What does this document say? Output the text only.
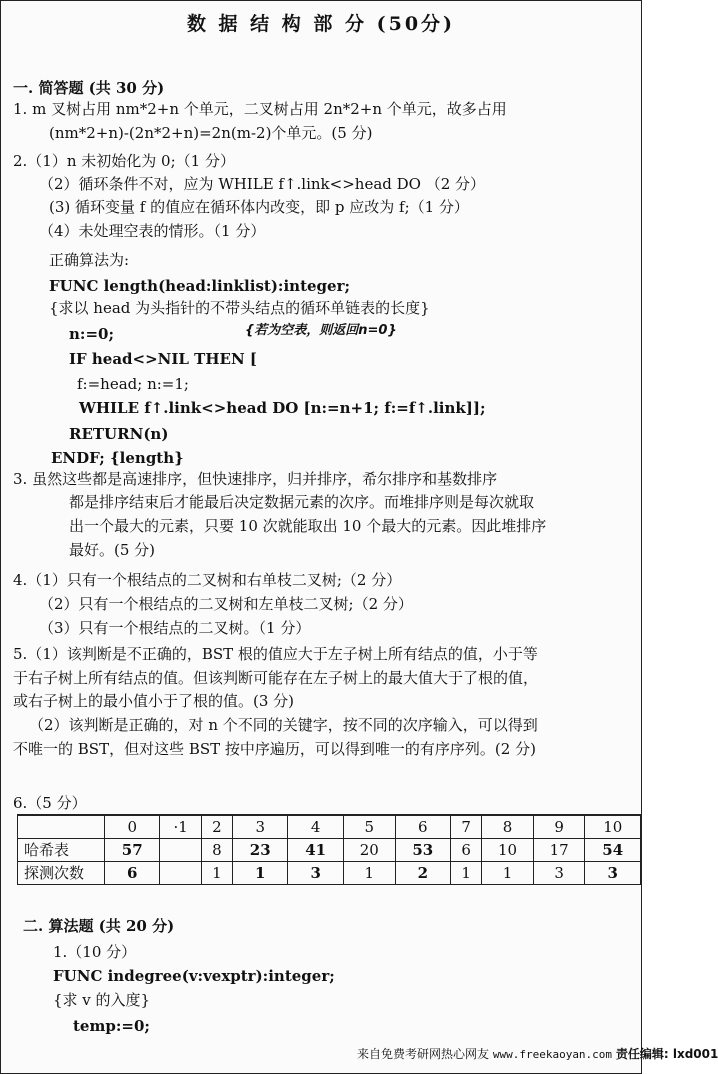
数 据 结 构 部 分 (50分)
一. 简答题 (共 30 分)
1. m 叉树占用 nm*2+n 个单元，二叉树占用 2n*2+n 个单元，故多占用
(nm*2+n)-(2n*2+n)=2n(m-2)个单元。(5 分)
2.（1）n 未初始化为 0;（1 分）
（2）循环条件不对，应为 WHILE f↑.link<>head DO （2 分）
(3) 循环变量 f 的值应在循环体内改变，即 p 应改为 f;（1 分）
（4）未处理空表的情形。（1 分）
正确算法为:
FUNC length(head:linklist):integer;
{求以 head 为头指针的不带头结点的循环单链表的长度}
n:=0;	{若为空表，则返回n=0}
IF head<>NIL THEN [
f:=head; n:=1;
WHILE f↑.link<>head DO [n:=n+1; f:=f↑.link]];
RETURN(n)
ENDF; {length}
3. 虽然这些都是高速排序，但快速排序，归并排序，希尔排序和基数排序
都是排序结束后才能最后决定数据元素的次序。而堆排序则是每次就取
出一个最大的元素，只要 10 次就能取出 10 个最大的元素。因此堆排序
最好。(5 分)
4.（1）只有一个根结点的二叉树和右单枝二叉树;（2 分）
（2）只有一个根结点的二叉树和左单枝二叉树;（2 分）
（3）只有一个根结点的二叉树。（1 分）
5.（1）该判断是不正确的，BST 根的值应大于左子树上所有结点的值，小于等
于右子树上所有结点的值。但该判断可能存在左子树上的最大值大于了根的值，
或右子树上的最小值小于了根的值。(3 分)
（2）该判断是正确的，对 n 个不同的关键字，按不同的次序输入，可以得到
不唯一的 BST，但对这些 BST 按中序遍历，可以得到唯一的有序序列。(2 分)
6.（5 分）
	0	·1	2	3	4	5	6	7	8	9	10
哈希表	57		8	23	41	20	53	6	10	17	54
探测次数	6		1	1	3	1	2	1	1	3	3
二. 算法题 (共 20 分)
1.（10 分）
FUNC indegree(v:vexptr):integer;
{求 v 的入度}
temp:=0;
来自免费考研网热心网友 www.freekaoyan.com 责任编辑: lxd001
